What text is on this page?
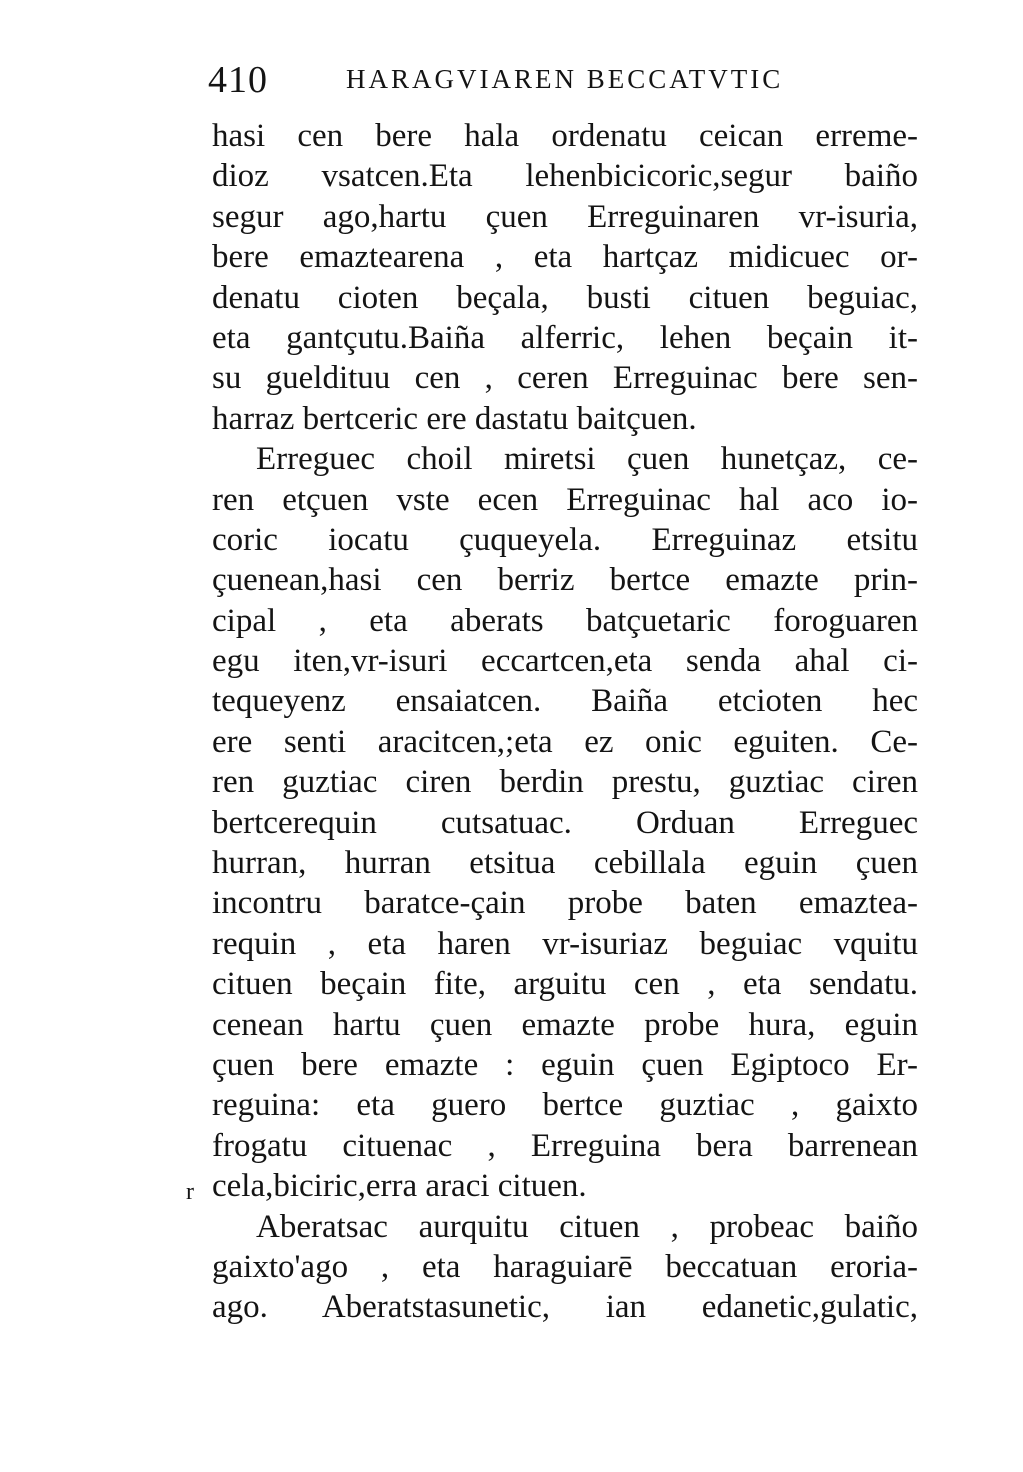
410	HARAGVIAREN BECCATVTIC
hasi cen bere hala ordenatu ceican erreme-
dioz vsatcen.Eta lehenbicicoric,segur baiño
segur ago,hartu çuen Erreguinaren vr-isuria,
bere emaztearena , eta hartçaz midicuec or-
denatu cioten beçala, busti cituen beguiac,
eta gantçutu.Baiña alferric, lehen beçain it-
su gueldituu cen , ceren Erreguinac bere sen-
harraz bertceric ere dastatu baitçuen.
Erreguec choil miretsi çuen hunetçaz, ce-
ren etçuen vste ecen Erreguinac hal aco io-
coric iocatu çuqueyela. Erreguinaz etsitu
çuenean,hasi cen berriz bertce emazte prin-
cipal , eta aberats batçuetaric foroguaren
egu iten,vr-isuri eccartcen,eta senda ahal ci-
tequeyenz ensaiatcen. Baiña etcioten hec
ere senti aracitcen,;eta ez onic eguiten. Ce-
ren guztiac ciren berdin prestu, guztiac ciren
bertcerequin cutsatuac. Orduan Erreguec
hurran, hurran etsitua cebillala eguin çuen
incontru baratce-çain probe baten emaztea-
requin , eta haren vr-isuriaz beguiac vquitu
cituen beçain fite, arguitu cen , eta sendatu.
cenean hartu çuen emazte probe hura, eguin
çuen bere emazte : eguin çuen Egiptoco Er-
reguina: eta guero bertce guztiac , gaixto
frogatu cituenac , Erreguina bera barrenean
cela,biciric,erra araci cituen.
Aberatsac aurquitu cituen , probeac baiño
gaixto'ago , eta haraguiarē beccatuan eroria-
ago. Aberatstasunetic, ian edanetic,gulatic,
r
